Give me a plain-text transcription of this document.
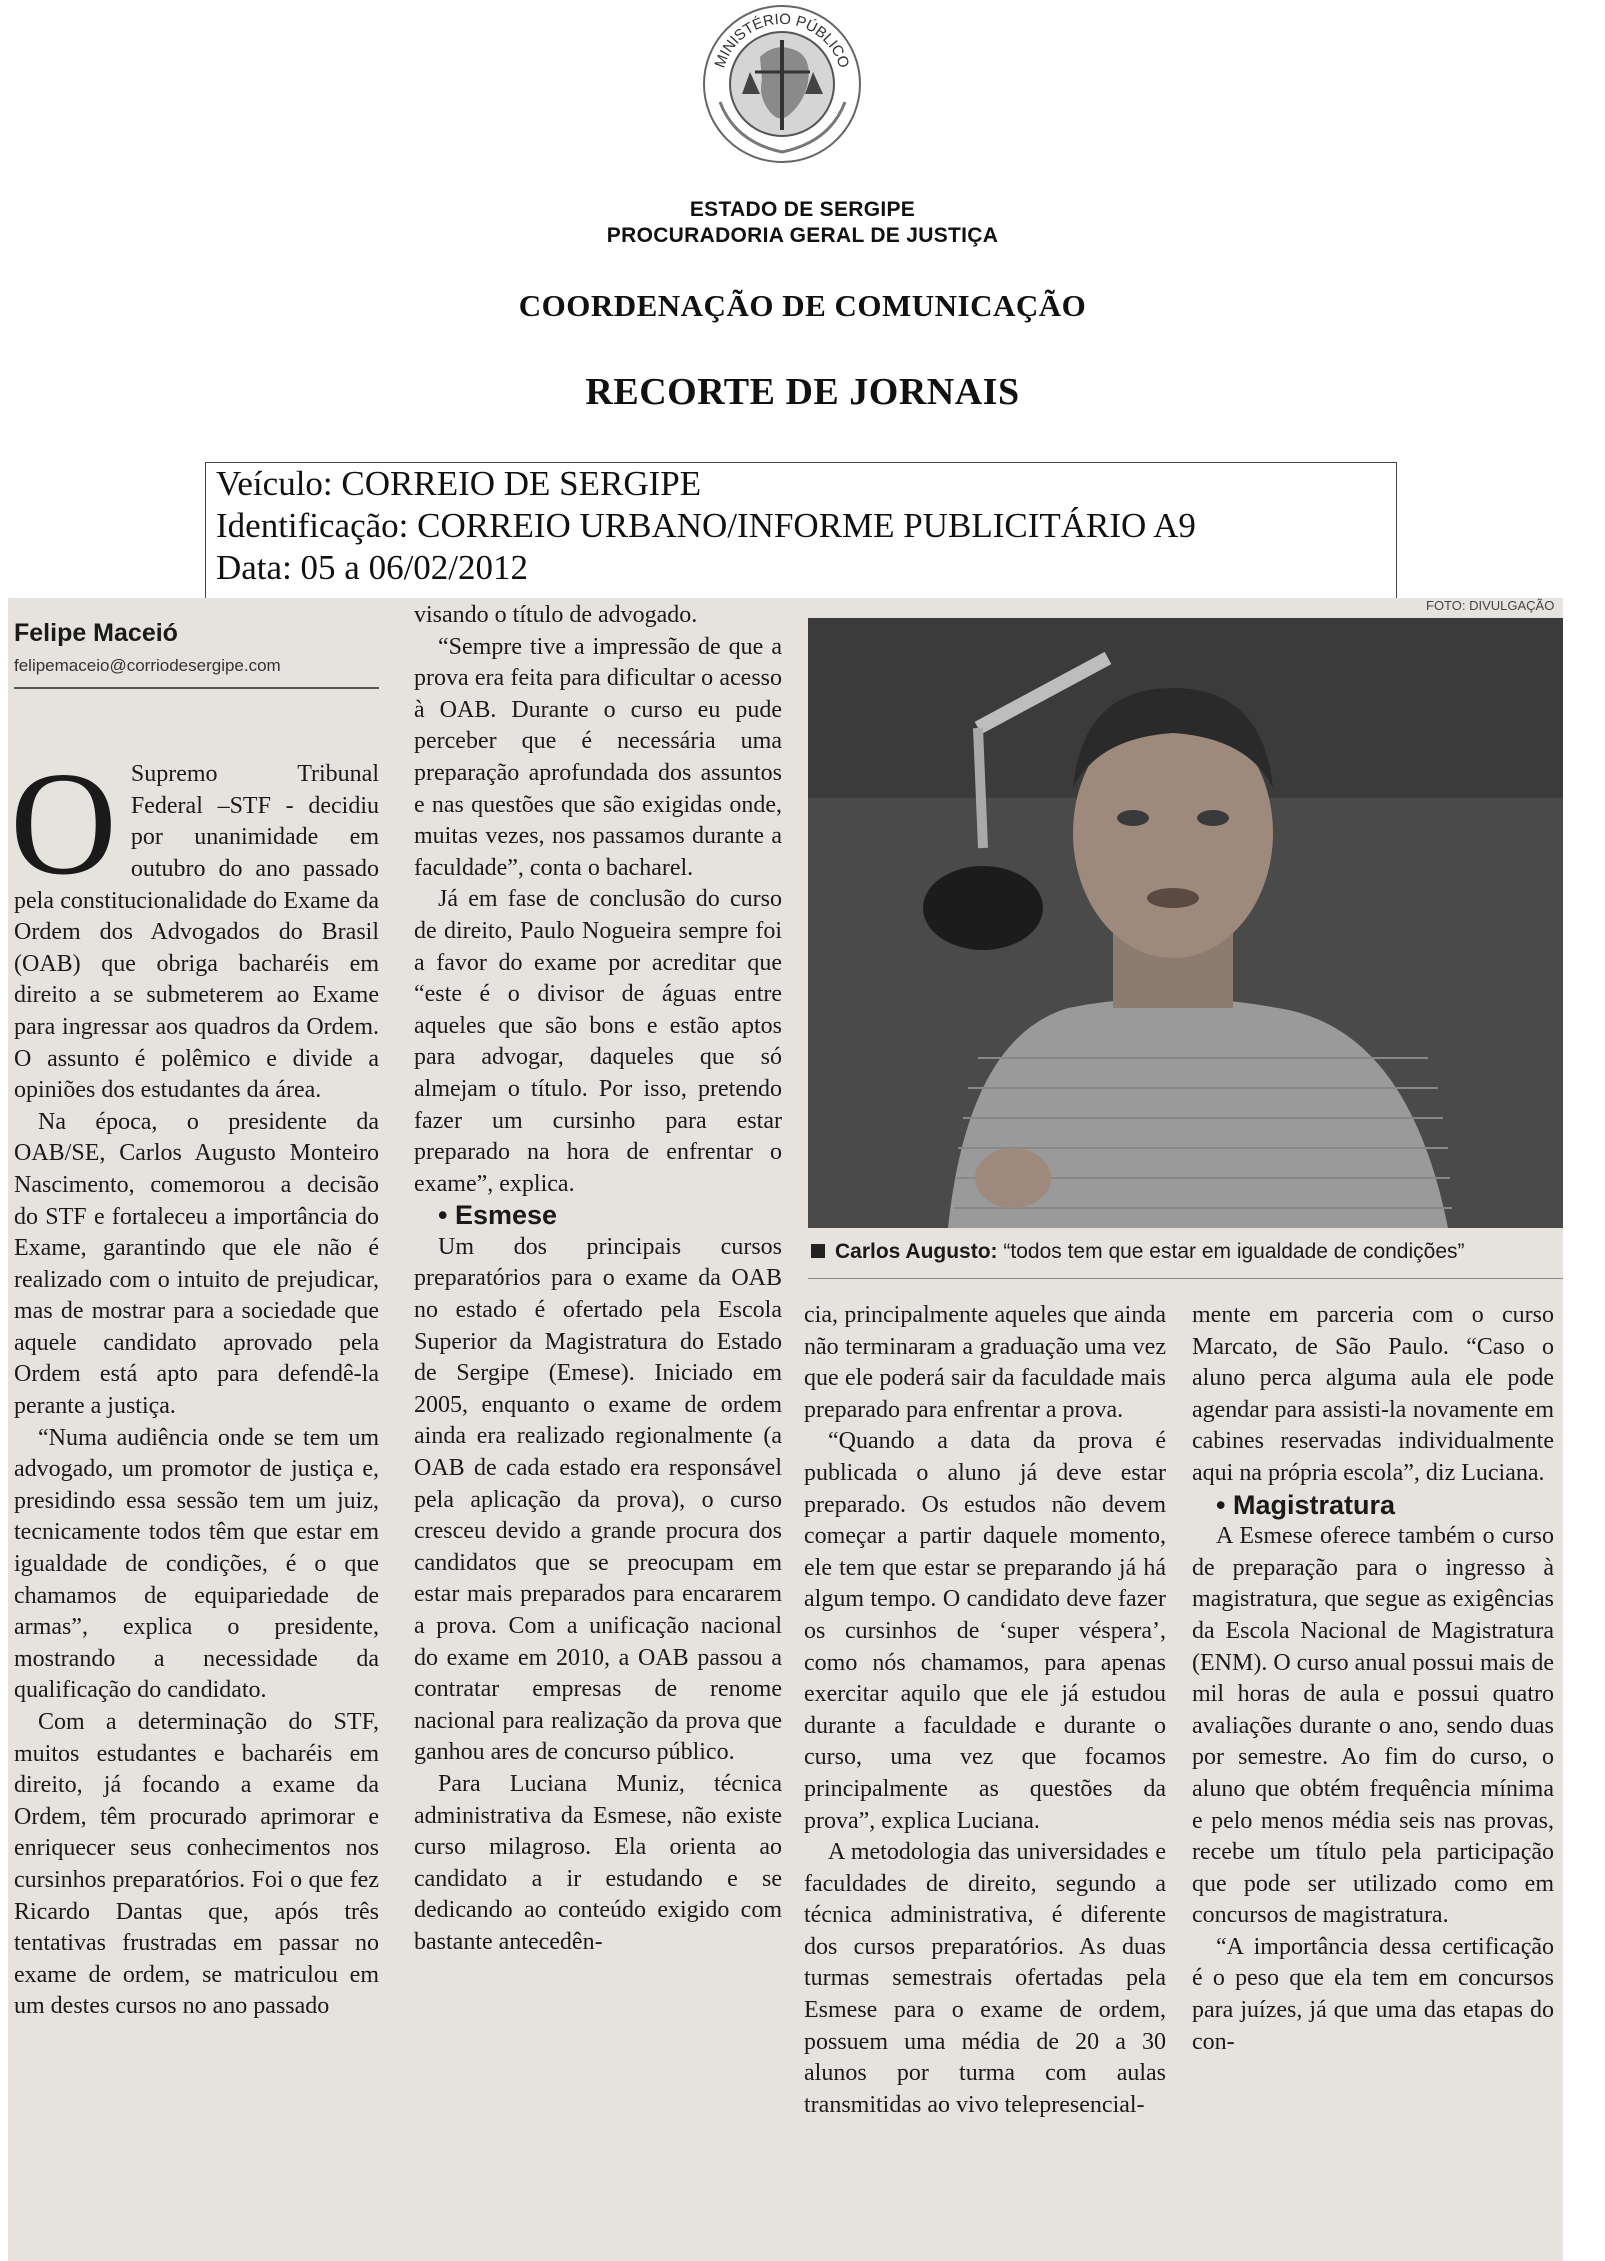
MINISTÉRIO PÚBLICO
ESTADO DE SERGIPE
PROCURADORIA GERAL DE JUSTIÇA
COORDENAÇÃO DE COMUNICAÇÃO
RECORTE DE JORNAIS
Veículo: CORREIO DE SERGIPE
Identificação: CORREIO URBANO/INFORME PUBLICITÁRIO A9
Data: 05 a 06/02/2012
Felipe Maceió
felipemaceio@corriodesergipe.com

O Supremo Tribunal Federal –STF - decidiu por unanimidade em outubro do ano passado pela constitucionalidade do Exame da Ordem dos Advogados do Brasil (OAB) que obriga bacharéis em direito a se submeterem ao Exame para ingressar aos quadros da Ordem. O assunto é polêmico e divide a opiniões dos estudantes da área.

Na época, o presidente da OAB/SE, Carlos Augusto Monteiro Nascimento, comemorou a decisão do STF e fortaleceu a importância do Exame, garantindo que ele não é realizado com o intuito de prejudicar, mas de mostrar para a sociedade que aquele candidato aprovado pela Ordem está apto para defendê-la perante a justiça.

“Numa audiência onde se tem um advogado, um promotor de justiça e, presidindo essa sessão tem um juiz, tecnicamente todos têm que estar em igualdade de condições, é o que chamamos de equipariedade de armas”, explica o presidente, mostrando a necessidade da qualificação do candidato.

Com a determinação do STF, muitos estudantes e bacharéis em direito, já focando a exame da Ordem, têm procurado aprimorar e enriquecer seus conhecimentos nos cursinhos preparatórios. Foi o que fez Ricardo Dantas que, após três tentativas frustradas em passar no exame de ordem, se matriculou em um destes cursos no ano passado

visando o título de advogado.

“Sempre tive a impressão de que a prova era feita para dificultar o acesso à OAB. Durante o curso eu pude perceber que é necessária uma preparação aprofundada dos assuntos e nas questões que são exigidas onde, muitas vezes, nos passamos durante a faculdade”, conta o bacharel.

Já em fase de conclusão do curso de direito, Paulo Nogueira sempre foi a favor do exame por acreditar que “este é o divisor de águas entre aqueles que são bons e estão aptos para advogar, daqueles que só almejam o título. Por isso, pretendo fazer um cursinho para estar preparado na hora de enfrentar o exame”, explica.

• Esmese

Um dos principais cursos preparatórios para o exame da OAB no estado é ofertado pela Escola Superior da Magistratura do Estado de Sergipe (Emese). Iniciado em 2005, enquanto o exame de ordem ainda era realizado regionalmente (a OAB de cada estado era responsável pela aplicação da prova), o curso cresceu devido a grande procura dos candidatos que se preocupam em estar mais preparados para encararem a prova. Com a unificação nacional do exame em 2010, a OAB passou a contratar empresas de renome nacional para realização da prova que ganhou ares de concurso público.

Para Luciana Muniz, técnica administrativa da Esmese, não existe curso milagroso. Ela orienta ao candidato a ir estudando e se dedicando ao conteúdo exigido com bastante antecedên-

FOTO: DIVULGAÇÃO
Carlos Augusto: “todos tem que estar em igualdade de condições”

cia, principalmente aqueles que ainda não terminaram a graduação uma vez que ele poderá sair da faculdade mais preparado para enfrentar a prova.

“Quando a data da prova é publicada o aluno já deve estar preparado. Os estudos não devem começar a partir daquele momento, ele tem que estar se preparando já há algum tempo. O candidato deve fazer os cursinhos de ‘super véspera’, como nós chamamos, para apenas exercitar aquilo que ele já estudou durante a faculdade e durante o curso, uma vez que focamos principalmente as questões da prova”, explica Luciana.

A metodologia das universidades e faculdades de direito, segundo a técnica administrativa, é diferente dos cursos preparatórios. As duas turmas semestrais ofertadas pela Esmese para o exame de ordem, possuem uma média de 20 a 30 alunos por turma com aulas transmitidas ao vivo telepresencial-

mente em parceria com o curso Marcato, de São Paulo. “Caso o aluno perca alguma aula ele pode agendar para assisti-la novamente em cabines reservadas individualmente aqui na própria escola”, diz Luciana.

• Magistratura

A Esmese oferece também o curso de preparação para o ingresso à magistratura, que segue as exigências da Escola Nacional de Magistratura (ENM). O curso anual possui mais de mil horas de aula e possui quatro avaliações durante o ano, sendo duas por semestre. Ao fim do curso, o aluno que obtém frequência mínima e pelo menos média seis nas provas, recebe um título pela participação que pode ser utilizado como em concursos de magistratura.

“A importância dessa certificação é o peso que ela tem em concursos para juízes, já que uma das etapas do con-
